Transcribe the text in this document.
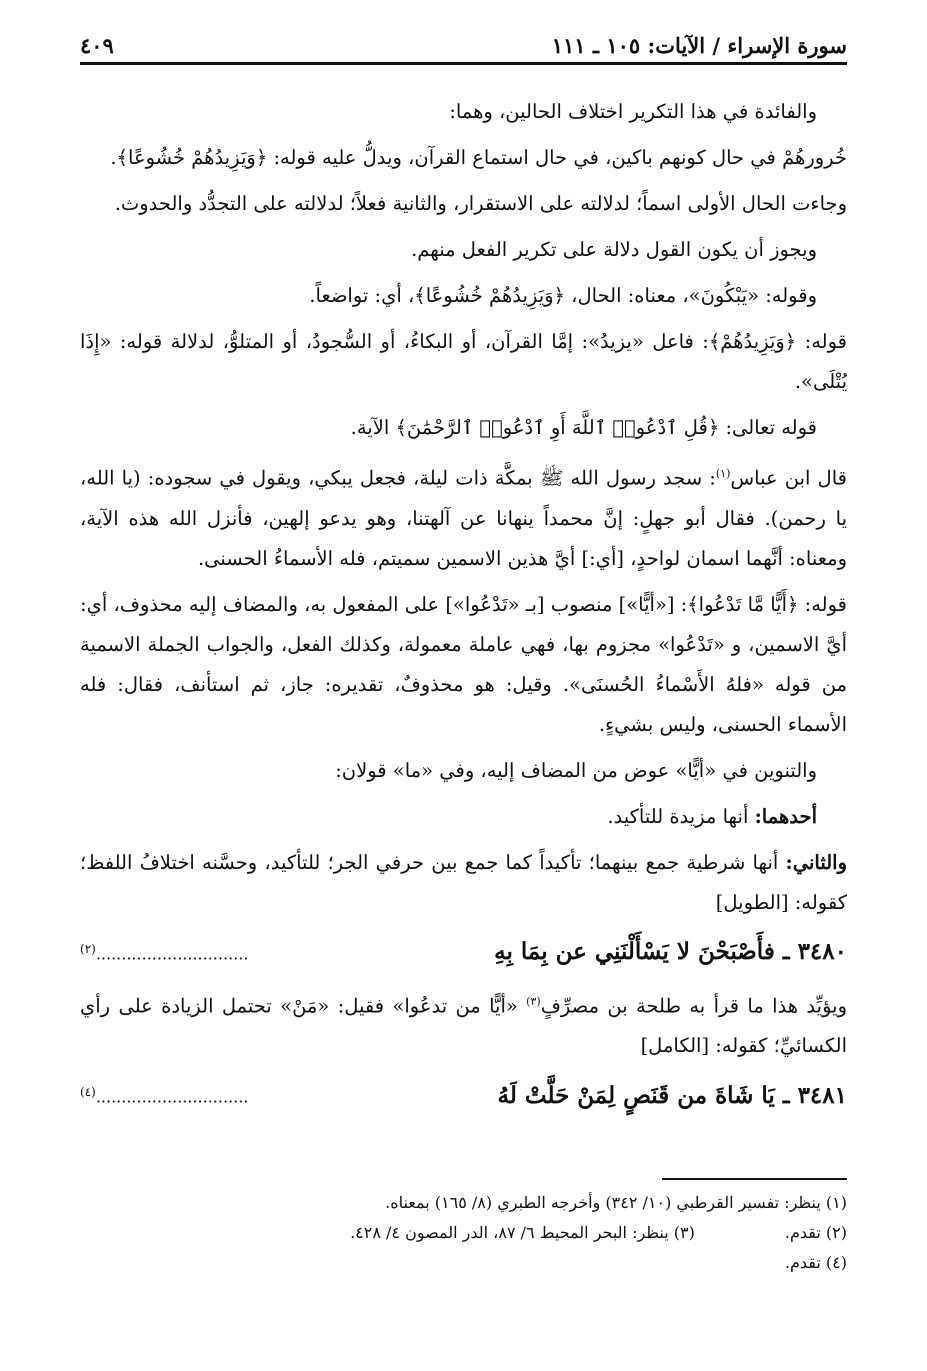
سورة الإسراء / الآيات: ١٠٥ ـ ١١١
٤٠٩

والفائدة في هذا التكرير اختلاف الحالين، وهما:

خُرورهُمْ في حال كونهم باكين، في حال استماع القرآن، ويدلُّ عليه قوله: ﴿وَيَزِيدُهُمْ خُشُوعًا﴾.

وجاءت الحال الأولى اسماً؛ لدلالته على الاستقرار، والثانية فعلاً؛ لدلالته على التجدُّد والحدوث.

ويجوز أن يكون القول دلالة على تكرير الفعل منهم.

وقوله: «يَبْكُونَ»، معناه: الحال، ﴿وَيَزِيدُهُمْ خُشُوعًا﴾، أي: تواضعاً.

قوله: ﴿وَيَزِيدُهُمْ﴾: فاعل «يزيدُ»: إمَّا القرآن، أو البكاءُ، أو السُّجودُ، أو المتلوُّ، لدلالة قوله: «إِذَا يُتْلَى».

قوله تعالى: ﴿قُلِ ٱدْعُوا۟ ٱللَّهَ أَوِ ٱدْعُوا۟ ٱلرَّحْمَٰنَ﴾ الآية.

قال ابن عباس$^{(١)}$: سجد رسول الله ﷺ بمكَّة ذات ليلة، فجعل يبكي، ويقول في سجوده: (يا الله، يا رحمن). فقال أبو جهلٍ: إنَّ محمداً ينهانا عن آلهتنا، وهو يدعو إلهين، فأنزل الله هذه الآية، ومعناه: أنَّهما اسمان لواحدٍ، [أي:] أيَّ هذين الاسمين سميتم، فله الأسماءُ الحسنى.

قوله: ﴿أَيًّا مَّا تَدْعُوا﴾: [«أيًّا»] منصوب [بـ «تَدْعُوا»] على المفعول به، والمضاف إليه محذوف، أي: أيَّ الاسمين، و «تَدْعُوا» مجزوم بها، فهي عاملة معمولة، وكذلك الفعل، والجواب الجملة الاسمية من قوله «فلهُ الأَسْماءُ الحُسنَى». وقيل: هو محذوفٌ، تقديره: جاز، ثم استأنف، فقال: فله الأسماء الحسنى، وليس بشيءٍ.

والتنوين في «أيًّا» عوض من المضاف إليه، وفي «ما» قولان:

أحدهما: أنها مزيدة للتأكيد.

والثاني: أنها شرطية جمع بينهما؛ تأكيداً كما جمع بين حرفي الجر؛ للتأكيد، وحسَّنه اختلافُ اللفظ؛ كقوله: [الطويل]

٣٤٨٠ ـ فأَصْبَحْنَ لا يَسْأَلْنَنِي عن بِمَا بِهِ
$^{(٢)}$..............................

ويؤيِّد هذا ما قرأ به طلحة بن مصرِّفٍ$^{(٣)}$ «أيًّا من تدعُوا» فقيل: «مَنْ» تحتمل الزيادة على رأي الكسائيِّ؛ كقوله: [الكامل]

٣٤٨١ ـ يَا شَاةَ من قَنَصٍ لِمَنْ حَلَّتْ لَهُ
$^{(٤)}$..............................
(١) ينظر: تفسير القرطبي (١٠/ ٣٤٢) وأخرجه الطبري (٨/ ١٦٥) بمعناه.
(٢) تقدم.
(٣) ينظر: البحر المحيط ٦/ ٨٧، الدر المصون ٤/ ٤٢٨.
(٤) تقدم.
